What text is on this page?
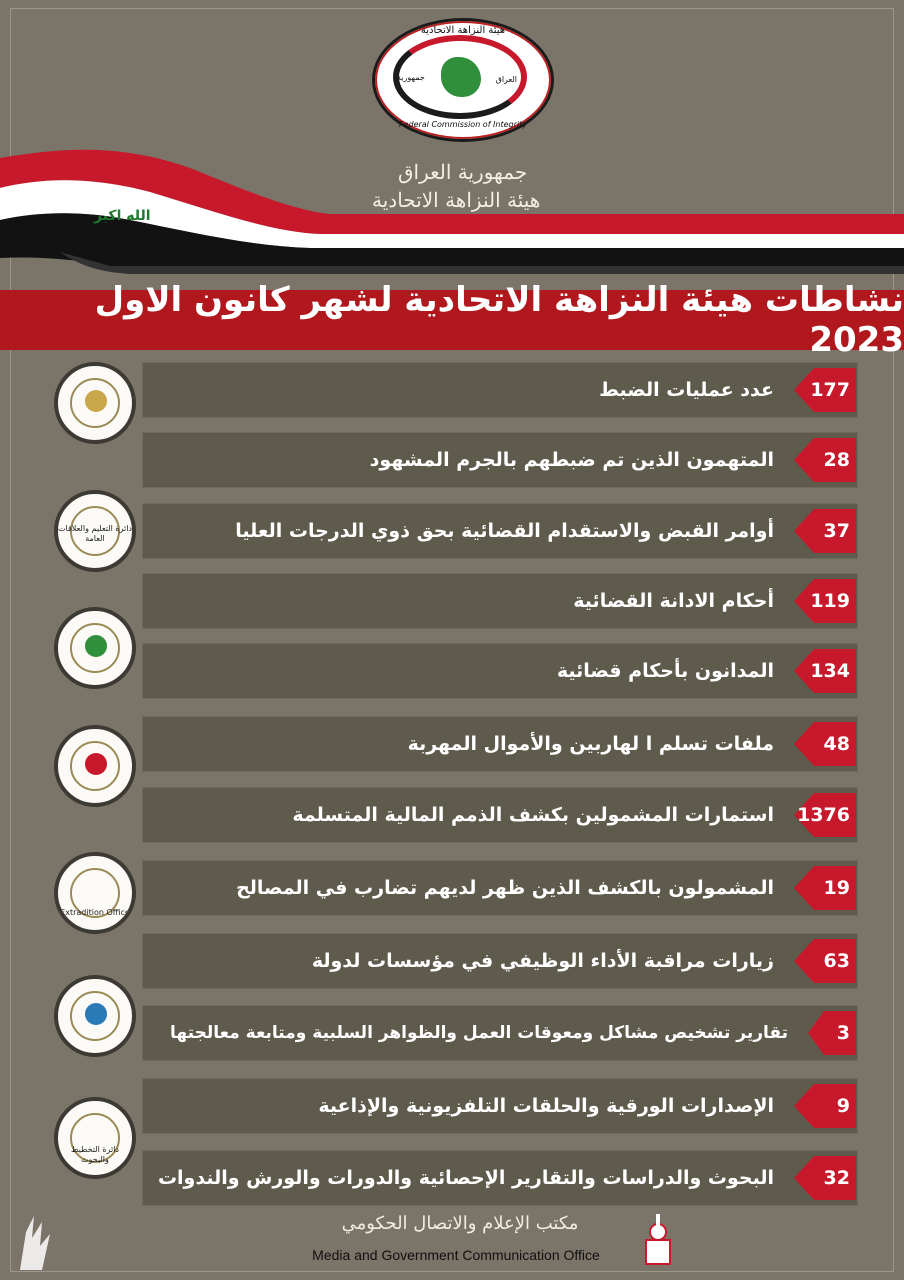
هيئة النزاهة الاتحادية
جمهورية	العراق
Federal Commission of Integrity
جمهورية العراق
هيئة النزاهة الاتحادية
الله اكبر
نشاطات هيئة النزاهة الاتحادية لشهر كانون الاول 2023
عدد عمليات الضبط 177
المتهمون الذين تم ضبطهم بالجرم المشهود	28
أوامر القبض والاستقدام القضائية بحق ذوي الدرجات العليا	37
أحكام الادانة القضائية 119
المدانون بأحكام قضائية 134
ملفات تسلم ا لهاربين والأموال المهربة	48
استمارات المشمولين بكشف الذمم المالية المتسلمة 1376
المشمولون بالكشف الذين ظهر لديهم تضارب في المصالح	19
زيارات مراقبة الأداء الوظيفي في مؤسسات لدولة	63
تقارير تشخيص مشاكل ومعوقات العمل والظواهر السلبية ومتابعة معالجتها	3
الإصدارات الورقية والحلقات التلفزيونية والإذاعية	9
البحوث والدراسات والتقارير الإحصائية والدورات والورش والندوات	32
دائرة التعليم والعلاقات العامة
Extradition Office
دائرة التخطيط والبحوث
مكتب الإعلام والاتصال الحكومي
Media and Government Communication Office
